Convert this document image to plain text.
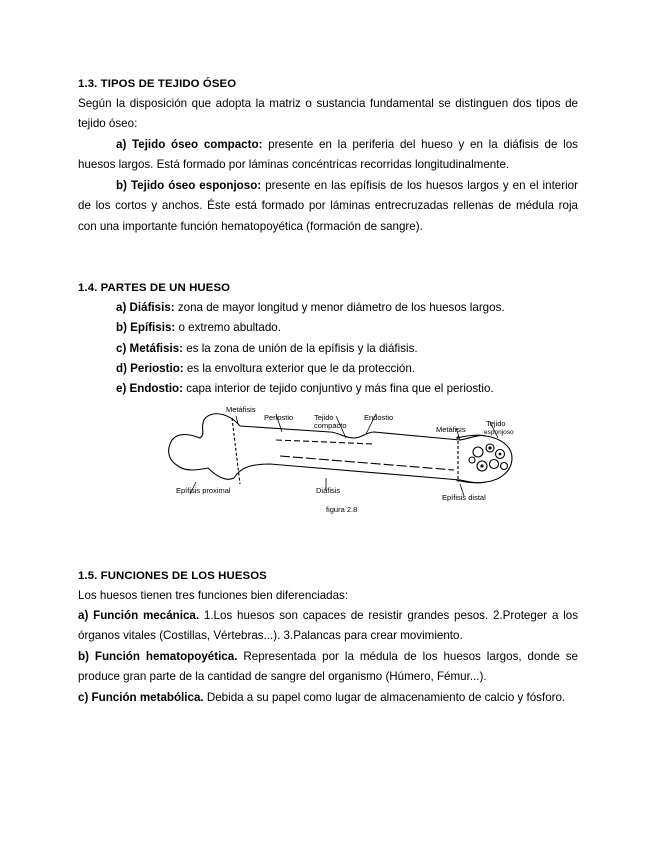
1.3. TIPOS DE TEJIDO ÓSEO
Según la disposición que adopta la matriz o sustancia fundamental se distinguen dos tipos de tejido óseo:
a) Tejido óseo compacto: presente en la periferia del hueso y en la diáfisis de los huesos largos. Está formado por láminas concéntricas recorridas longitudinalmente.
b) Tejido óseo esponjoso: presente en las epífisis de los huesos largos y en el interior de los cortos y anchos. Éste está formado por láminas entrecruzadas rellenas de médula roja con una importante función hematopoyética (formación de sangre).
1.4. PARTES DE UN HUESO
a) Diáfisis: zona de mayor longitud y menor diámetro de los huesos largos.
b) Epífisis: o extremo abultado.
c) Metáfisis: es la zona de unión de la epífisis y la diáfisis.
d) Periostio: es la envoltura exterior que le da protección.
e) Endostio: capa interior de tejido conjuntivo y más fina que el periostio.
Metáfisis
Periostio	Tejido
compacto
Endostio
Metáfisis
Tejido
esponjoso
Epífisis proximal	Diáfisis
Epífisis distal
figura 2.8
1.5. FUNCIONES DE LOS HUESOS
Los huesos tienen tres funciones bien diferenciadas:
a) Función mecánica. 1.Los huesos son capaces de resistir grandes pesos. 2.Proteger a los órganos vitales (Costillas, Vértebras...). 3.Palancas para crear movimiento.
b) Función hematopoyética. Representada por la médula de los huesos largos, donde se produce gran parte de la cantidad de sangre del organismo (Húmero, Fémur...).
c) Función metabólica. Debida a su papel como lugar de almacenamiento de calcio y fósforo.
